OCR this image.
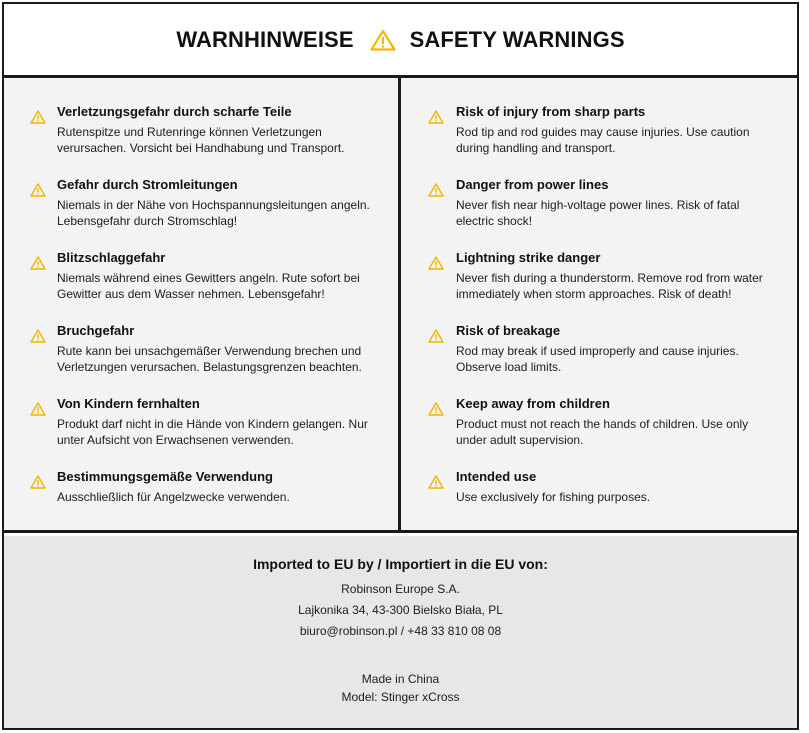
WARNHINWEISE	SAFETY WARNINGS
Verletzungsgefahr durch scharfe Teile

Rutenspitze und Rutenringe können Verletzungen

verursachen. Vorsicht bei Handhabung und Transport.

Gefahr durch Stromleitungen

Niemals in der Nähe von Hochspannungsleitungen angeln.

Lebensgefahr durch Stromschlag!

Blitzschlaggefahr

Niemals während eines Gewitters angeln. Rute sofort bei

Gewitter aus dem Wasser nehmen. Lebensgefahr!

Bruchgefahr

Rute kann bei unsachgemäßer Verwendung brechen und

Verletzungen verursachen. Belastungsgrenzen beachten.

Von Kindern fernhalten

Produkt darf nicht in die Hände von Kindern gelangen. Nur

unter Aufsicht von Erwachsenen verwenden.

Bestimmungsgemäße Verwendung

Ausschließlich für Angelzwecke verwenden.

Risk of injury from sharp parts

Rod tip and rod guides may cause injuries. Use caution

during handling and transport.

Danger from power lines

Never fish near high-voltage power lines. Risk of fatal

electric shock!

Lightning strike danger

Never fish during a thunderstorm. Remove rod from water

immediately when storm approaches. Risk of death!

Risk of breakage

Rod may break if used improperly and cause injuries.

Observe load limits.

Keep away from children

Product must not reach the hands of children. Use only

under adult supervision.

Intended use

Use exclusively for fishing purposes.

Imported to EU by / Importiert in die EU von:
Robinson Europe S.A.
Lajkonika 34, 43-300 Bielsko Biała, PL
biuro@robinson.pl / +48 33 810 08 08
Made in China
Model: Stinger xCross
